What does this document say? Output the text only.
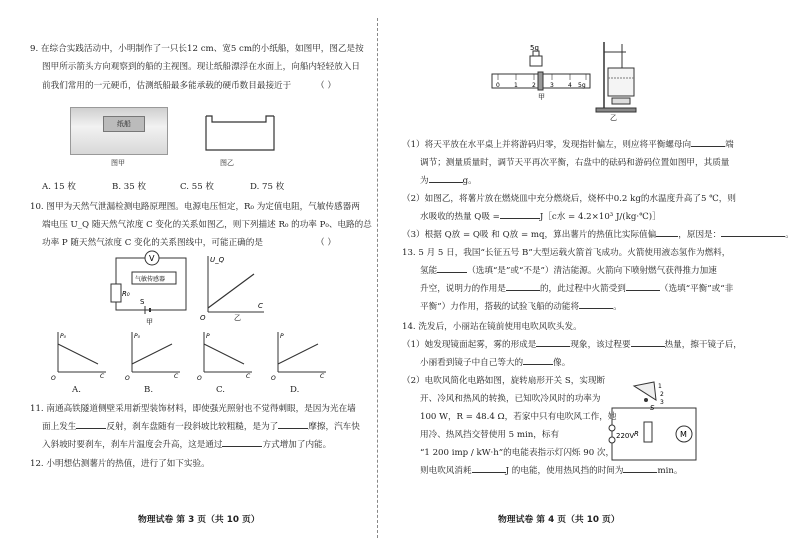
9. 在综合实践活动中，小明制作了一只长12 cm、宽5 cm的小纸船，如图甲，图乙是按
图甲所示箭头方向观察到的船的主视图。现让纸船漂浮在水面上，向船内轻轻放入日
前我们常用的一元硬币，估测纸船最多能承载的硬币数目最接近于	（ ）
纸船
图甲	图乙
A. 15 枚	B. 35 枚	C. 55 枚	D. 75 枚
10. 图甲为天然气泄漏检测电路原理图。电源电压恒定，R₀ 为定值电阻，气敏传感器两
端电压 U_Q 随天然气浓度 C 变化的关系如图乙，则下列描述 R₀ 的功率 P₀、电路的总
功率 P 随天然气浓度 C 变化的关系图线中，可能正确的是	（ ）
V
气敏传感器
R₀
S
甲
U_Q
C
O	乙
P₀
C
O
P₀
C
O
P
C
O
P
C
O
A.	B.	C.	D.
11. 南通高铁隧道侧壁采用新型装饰材料，即使强光照射也不觉得刺眼，是因为光在墙
面上发生	反射，刹车盘随有一段斜坡比较粗糙，是为了	摩擦，汽车快
入斜坡时要刹车，刹车片温度会升高，这是通过	方式增加了内能。
12. 小明想估测薯片的热值，进行了如下实验。
物理试卷 第 3 页（共 10 页）
5g
0 1 2 3 4 5g
甲
乙
（1）将天平放在水平桌上并将游码归零，发现指针偏左，则应将平衡螺母向	端
调节；测量质量时，调节天平再次平衡，右盘中的砝码和游码位置如图甲，其质量
为	g。
（2）如图乙，将薯片放在燃烧皿中充分燃烧后，烧杯中0.2 kg的水温度升高了5 ℃，则
水吸收的热量 Q吸 =	J［c水 = 4.2×10³ J/(kg·℃)］
（3）根据 Q放 = Q吸 和 Q放 = mq，算出薯片的热值比实际值偏	，原因是：	。
13. 5 月 5 日，我国“长征五号 B”大型运载火箭首飞成功。火箭使用液态氢作为燃料，
氢能	（选填“是”或“不是”）清洁能源。火箭向下喷射燃气获得推力加速
升空，说明力的作用是	的，此过程中火箭受到	（选填“平衡”或“非
平衡”）力作用，搭载的试验飞船的动能将	。
14. 洗发后，小丽站在镜前使用电吹风吹头发。
（1）她发现镜面起雾，雾的形成是	现象，该过程要	热量，擦干镜子后，
小丽看到镜子中自己等大的	像。
（2）电吹风简化电路如图，旋转扇形开关 S，实现断
开、冷风和热风的转换，已知吹冷风时的功率为
100 W，R = 48.4 Ω，若家中只有电吹风工作，她
用冷、热风挡交替使用 5 min，标有
“1 200 imp / kW·h”的电能表指示灯闪烁 90 次，
则电吹风消耗	J 的电能，使用热风挡的时间为	min。
220V
1
2
3
S
R	M
物理试卷 第 4 页（共 10 页）
